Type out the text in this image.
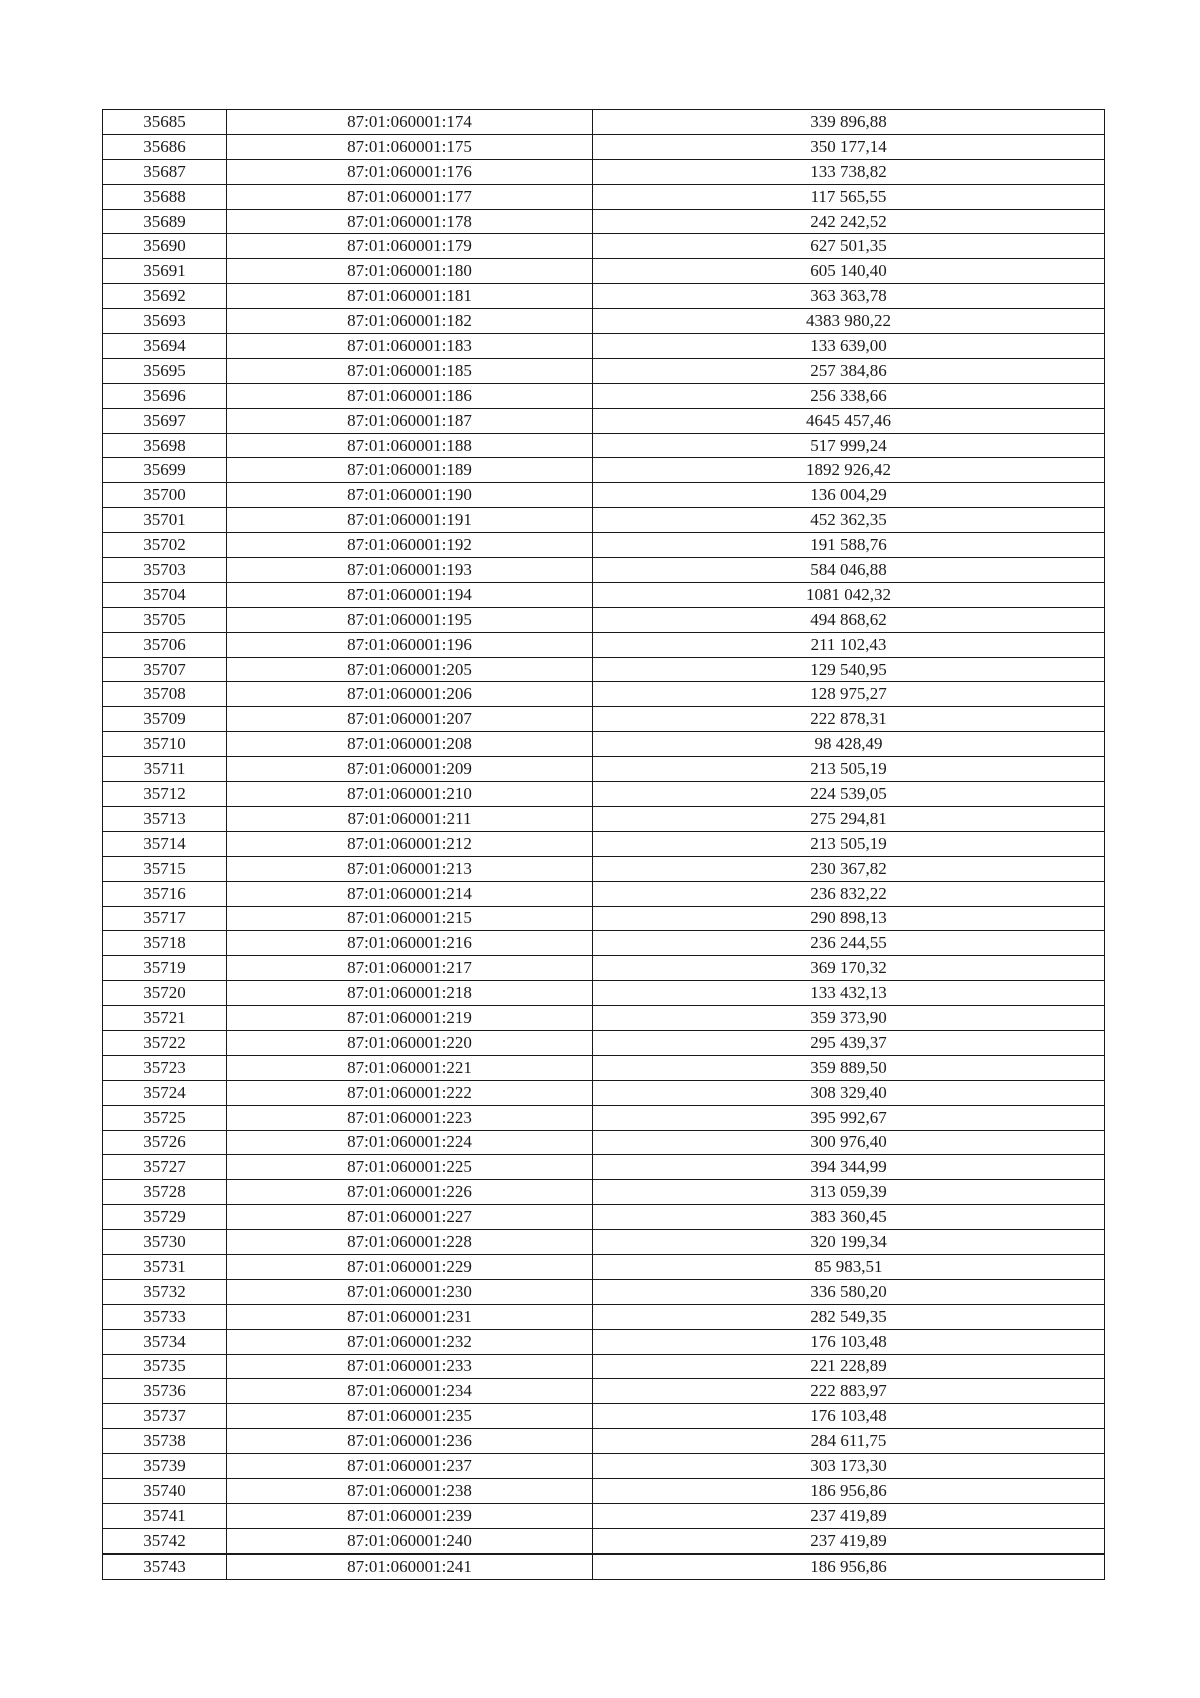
35685	87:01:060001:174	339 896,88
35686	87:01:060001:175	350 177,14
35687	87:01:060001:176	133 738,82
35688	87:01:060001:177	117 565,55
35689	87:01:060001:178	242 242,52
35690	87:01:060001:179	627 501,35
35691	87:01:060001:180	605 140,40
35692	87:01:060001:181	363 363,78
35693	87:01:060001:182	4383 980,22
35694	87:01:060001:183	133 639,00
35695	87:01:060001:185	257 384,86
35696	87:01:060001:186	256 338,66
35697	87:01:060001:187	4645 457,46
35698	87:01:060001:188	517 999,24
35699	87:01:060001:189	1892 926,42
35700	87:01:060001:190	136 004,29
35701	87:01:060001:191	452 362,35
35702	87:01:060001:192	191 588,76
35703	87:01:060001:193	584 046,88
35704	87:01:060001:194	1081 042,32
35705	87:01:060001:195	494 868,62
35706	87:01:060001:196	211 102,43
35707	87:01:060001:205	129 540,95
35708	87:01:060001:206	128 975,27
35709	87:01:060001:207	222 878,31
35710	87:01:060001:208	98 428,49
35711	87:01:060001:209	213 505,19
35712	87:01:060001:210	224 539,05
35713	87:01:060001:211	275 294,81
35714	87:01:060001:212	213 505,19
35715	87:01:060001:213	230 367,82
35716	87:01:060001:214	236 832,22
35717	87:01:060001:215	290 898,13
35718	87:01:060001:216	236 244,55
35719	87:01:060001:217	369 170,32
35720	87:01:060001:218	133 432,13
35721	87:01:060001:219	359 373,90
35722	87:01:060001:220	295 439,37
35723	87:01:060001:221	359 889,50
35724	87:01:060001:222	308 329,40
35725	87:01:060001:223	395 992,67
35726	87:01:060001:224	300 976,40
35727	87:01:060001:225	394 344,99
35728	87:01:060001:226	313 059,39
35729	87:01:060001:227	383 360,45
35730	87:01:060001:228	320 199,34
35731	87:01:060001:229	85 983,51
35732	87:01:060001:230	336 580,20
35733	87:01:060001:231	282 549,35
35734	87:01:060001:232	176 103,48
35735	87:01:060001:233	221 228,89
35736	87:01:060001:234	222 883,97
35737	87:01:060001:235	176 103,48
35738	87:01:060001:236	284 611,75
35739	87:01:060001:237	303 173,30
35740	87:01:060001:238	186 956,86
35741	87:01:060001:239	237 419,89
35742	87:01:060001:240	237 419,89
35743	87:01:060001:241	186 956,86
